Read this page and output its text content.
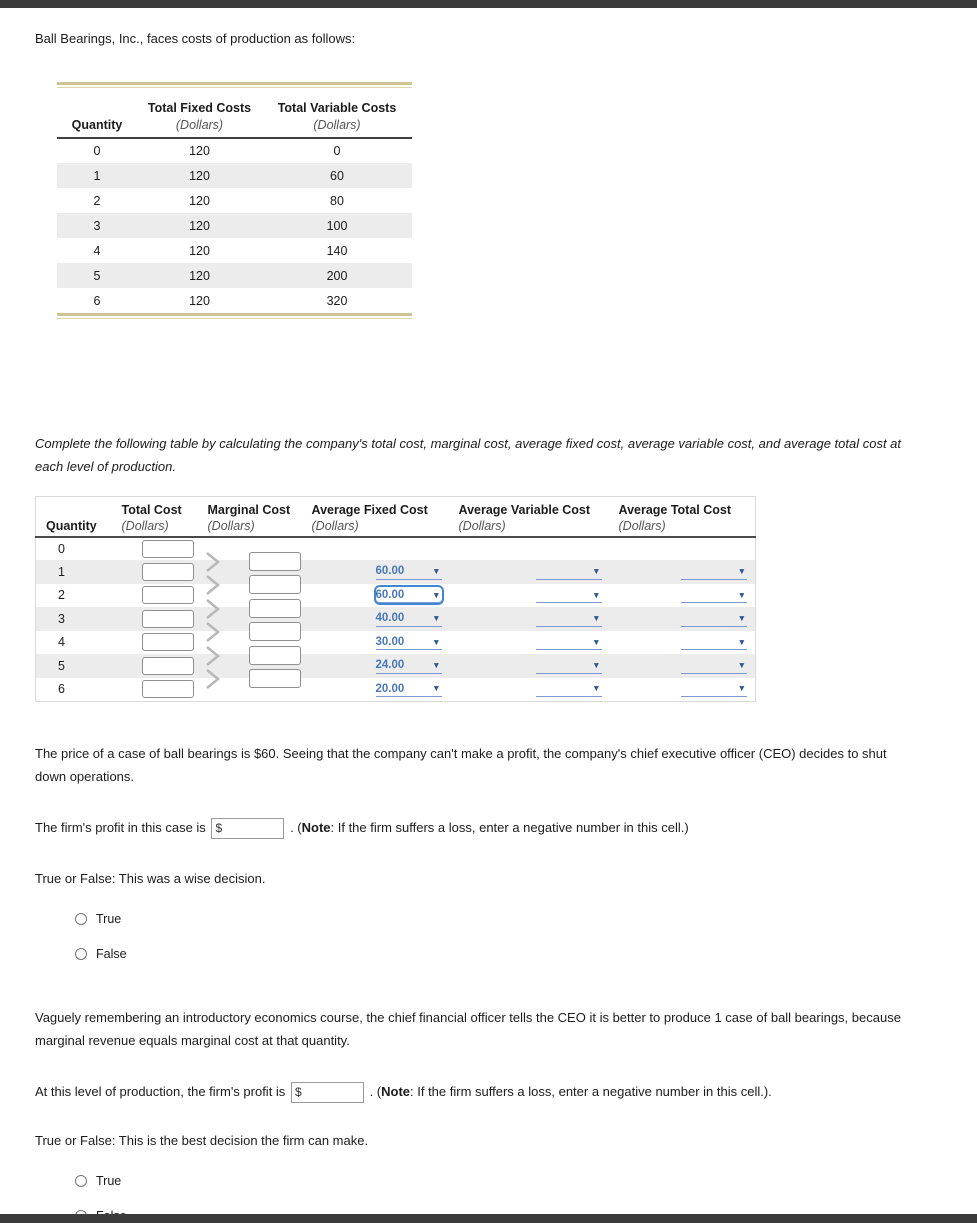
Ball Bearings, Inc., faces costs of production as follows:

Quantity

Total Fixed Costs
(Dollars)

Total Variable Costs
(Dollars)

0	120	0
1	120	60
2	120	80
3	120	100
4	120	140
5	120	200
6	120	320

Complete the following table by calculating the company's total cost, marginal cost, average fixed cost, average variable cost, and average total cost at each level of production.

Quantity

Total Cost
(Dollars)

Marginal Cost
(Dollars)

Average Fixed Cost
(Dollars)

Average Variable Cost
(Dollars)

Average Total Cost
(Dollars)

0					
1			60.00 ▼	▼	▼

2			60.00 ▼	▼	▼

3			40.00 ▼	▼	▼

4			30.00 ▼	▼	▼

5			24.00 ▼	▼	▼

6			20.00 ▼	▼	▼

The price of a case of ball bearings is $60. Seeing that the company can't make a profit, the company's chief executive officer (CEO) decides to shut down operations.

The firm's profit in this case is $	. (Note: If the firm suffers a loss, enter a negative number in this cell.)

True or False: This was a wise decision.

True
False

Vaguely remembering an introductory economics course, the chief financial officer tells the CEO it is better to produce 1 case of ball bearings, because marginal revenue equals marginal cost at that quantity.

At this level of production, the firm's profit is $	. (Note: If the firm suffers a loss, enter a negative number in this cell.).

True or False: This is the best decision the firm can make.

True
